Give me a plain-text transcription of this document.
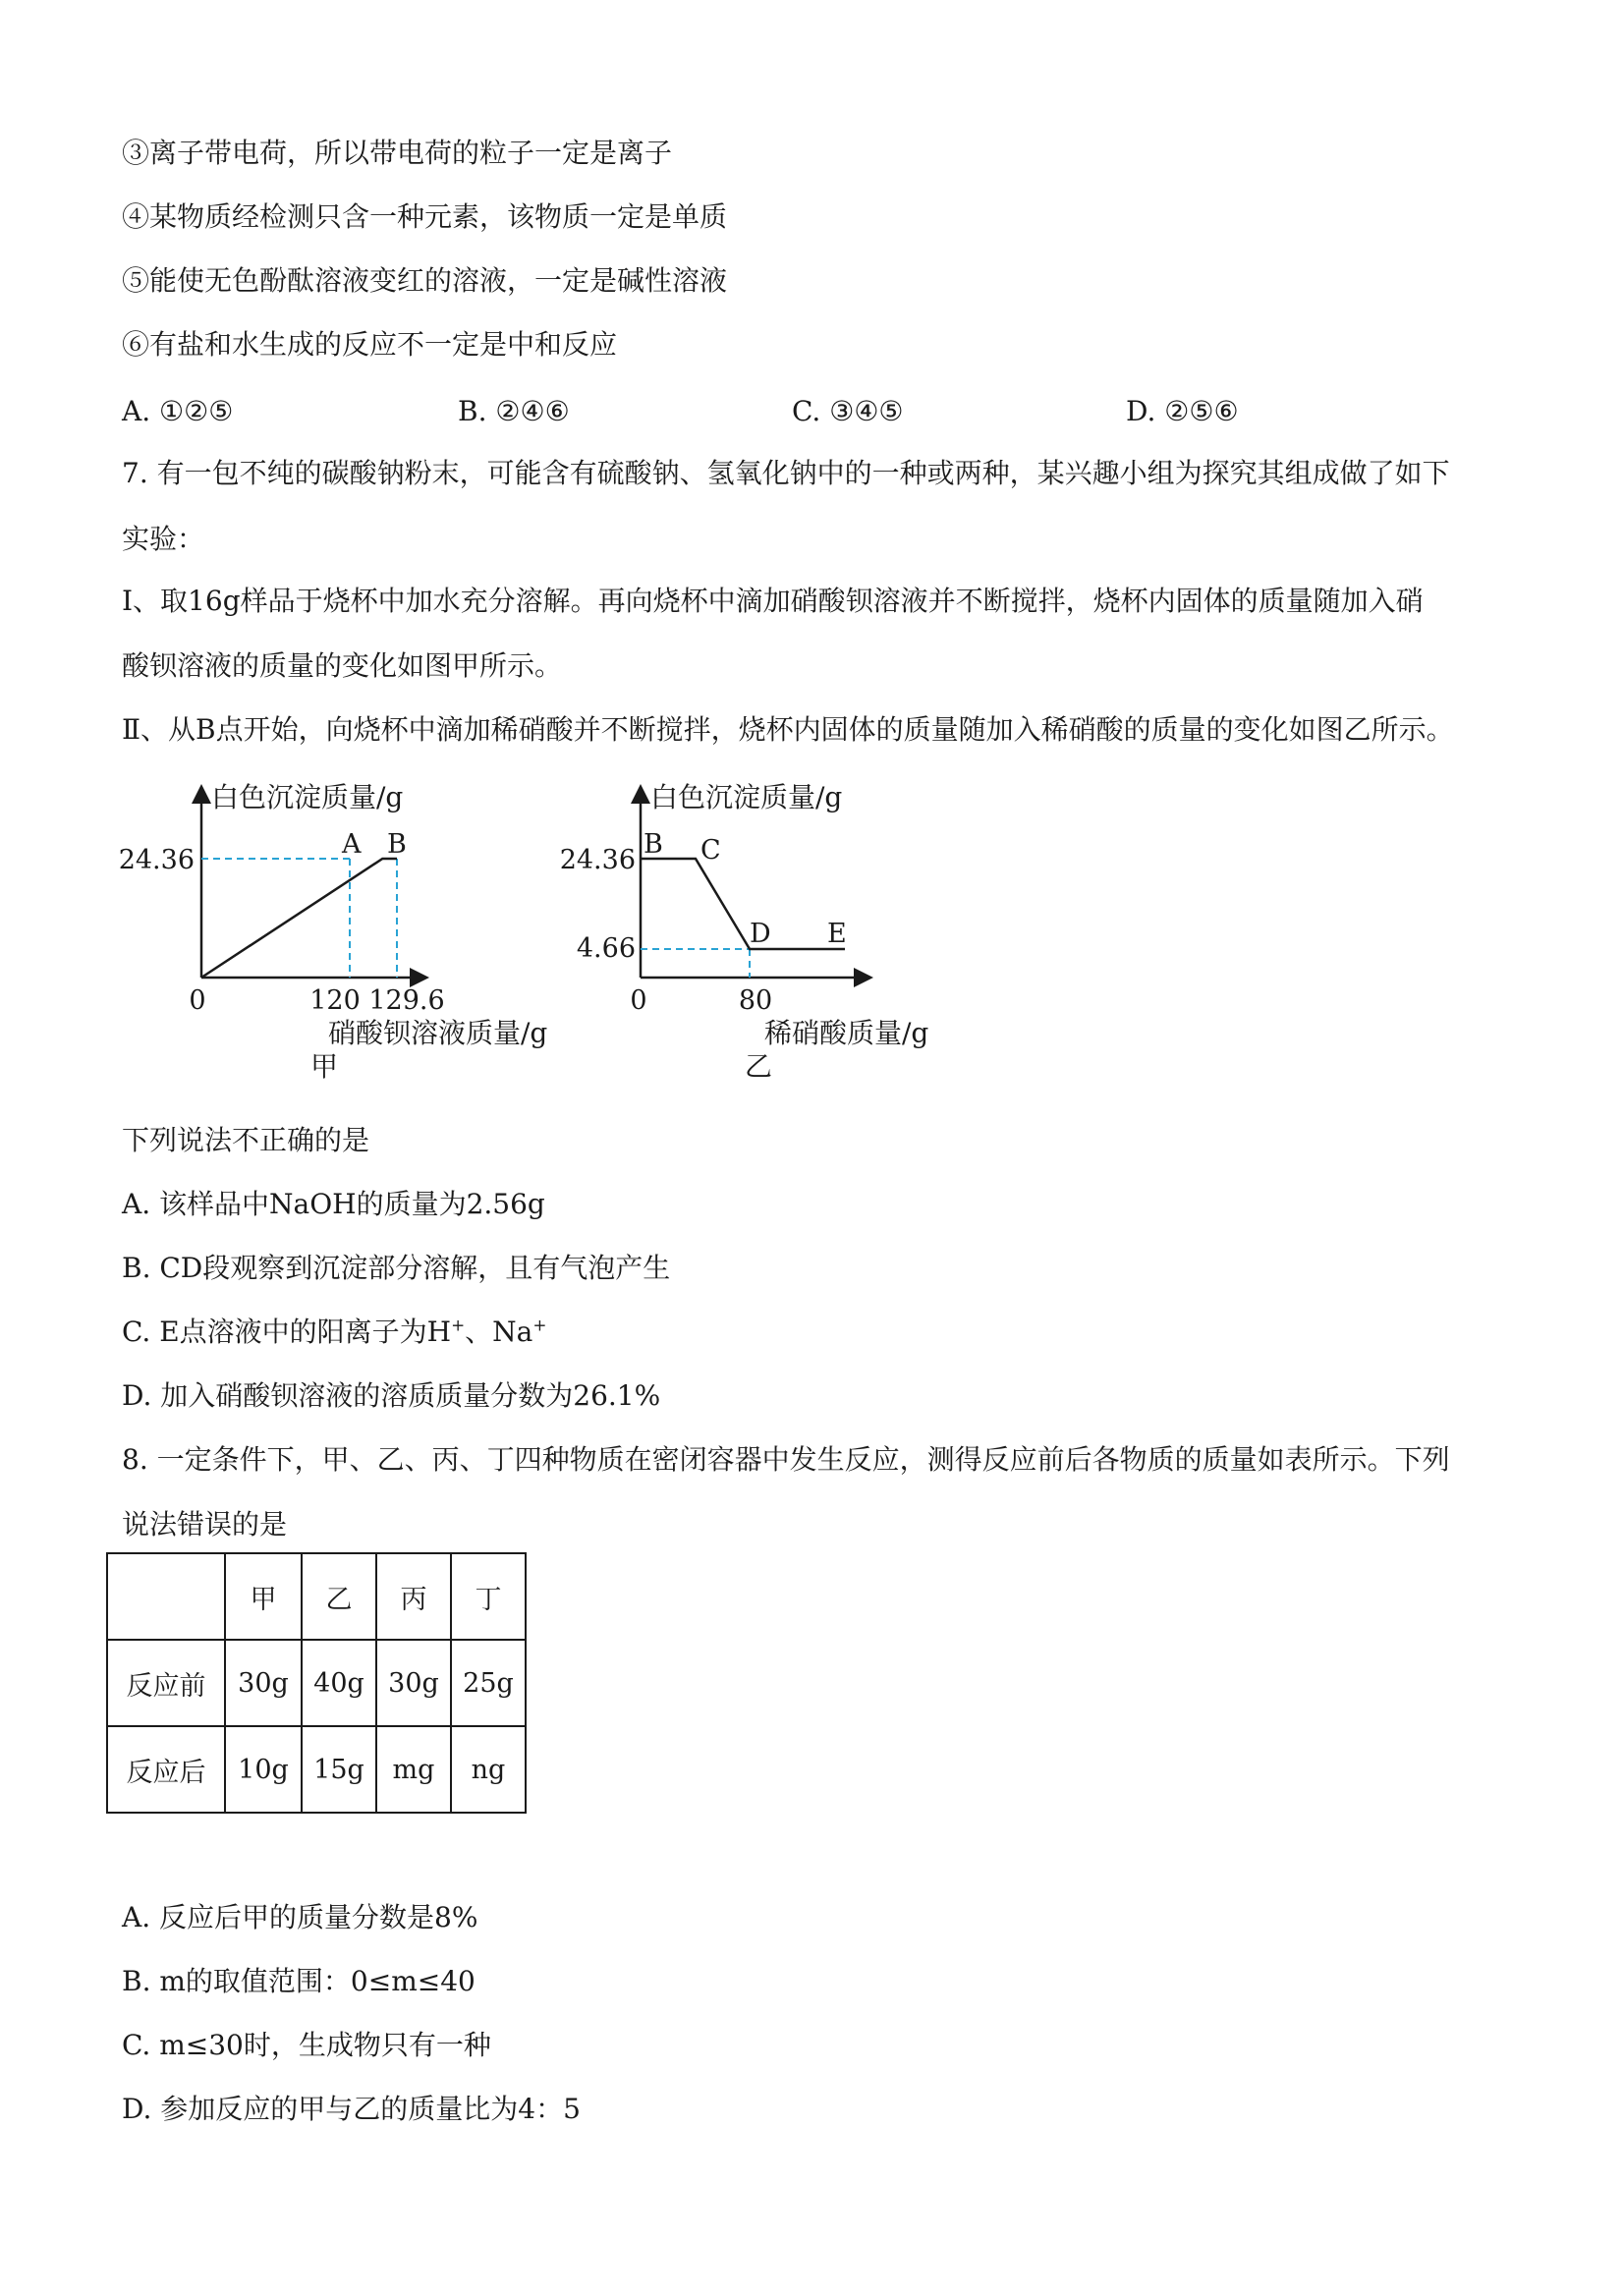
③离子带电荷，所以带电荷的粒子一定是离子
④某物质经检测只含一种元素，该物质一定是单质
⑤能使无色酚酞溶液变红的溶液，一定是碱性溶液
⑥有盐和水生成的反应不一定是中和反应
A. ①②⑤	B. ②④⑥	C. ③④⑤	D. ②⑤⑥
7. 有一包不纯的碳酸钠粉末，可能含有硫酸钠、氢氧化钠中的一种或两种，某兴趣小组为探究其组成做了如下
实验：
Ⅰ、取16g样品于烧杯中加水充分溶解。再向烧杯中滴加硝酸钡溶液并不断搅拌，烧杯内固体的质量随加入硝
酸钡溶液的质量的变化如图甲所示。
Ⅱ、从B点开始，向烧杯中滴加稀硝酸并不断搅拌，烧杯内固体的质量随加入稀硝酸的质量的变化如图乙所示。
白色沉淀质量/g
24.36
A B
0	120 129.6
硝酸钡溶液质量/g
甲
白色沉淀质量/g
24.36
4.66
B C
D E
0	80
稀硝酸质量/g
乙
下列说法不正确的是
A. 该样品中NaOH的质量为2.56g
B. CD段观察到沉淀部分溶解，且有气泡产生
C. E点溶液中的阳离子为H+、Na+
D. 加入硝酸钡溶液的溶质质量分数为26.1%
8. 一定条件下，甲、乙、丙、丁四种物质在密闭容器中发生反应，测得反应前后各物质的质量如表所示。下列
说法错误的是
	甲	乙	丙	丁
反应前	30g	40g	30g	25g
反应后	10g	15g	mg	ng
A. 反应后甲的质量分数是8%
B. m的取值范围：0≤m≤40
C. m≤30时，生成物只有一种
D. 参加反应的甲与乙的质量比为4：5
